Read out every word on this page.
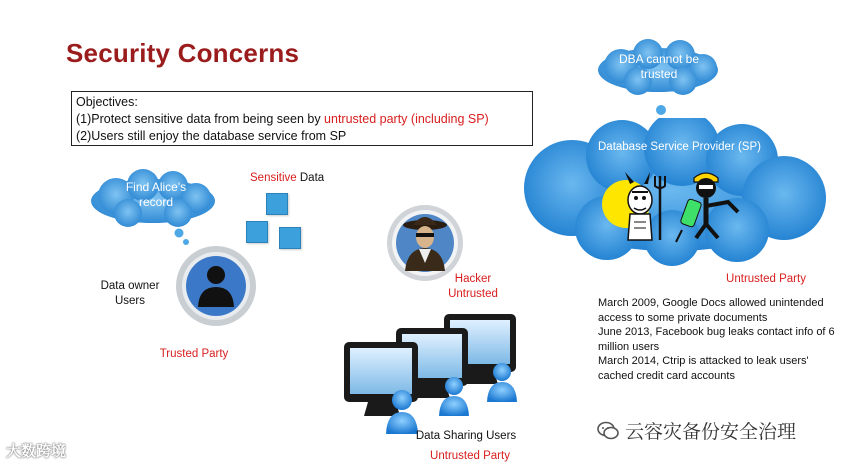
Security Concerns
Objectives:
(1)Protect sensitive data from being seen by untrusted party (including SP)
(2)Users still enjoy the database service from SP
Find Alice's record
DBA cannot be trusted
Database Service Provider (SP)
Sensitive Data
Data owner
Users
Trusted Party
Hacker
Untrusted
Untrusted Party
March 2009, Google Docs allowed unintended access to some private documents
June 2013, Facebook bug leaks contact info of 6 million users
March 2014, Ctrip is attacked to leak users' cached credit card accounts
Data Sharing Users
Untrusted Party
大数跨境
云容灾备份安全治理
